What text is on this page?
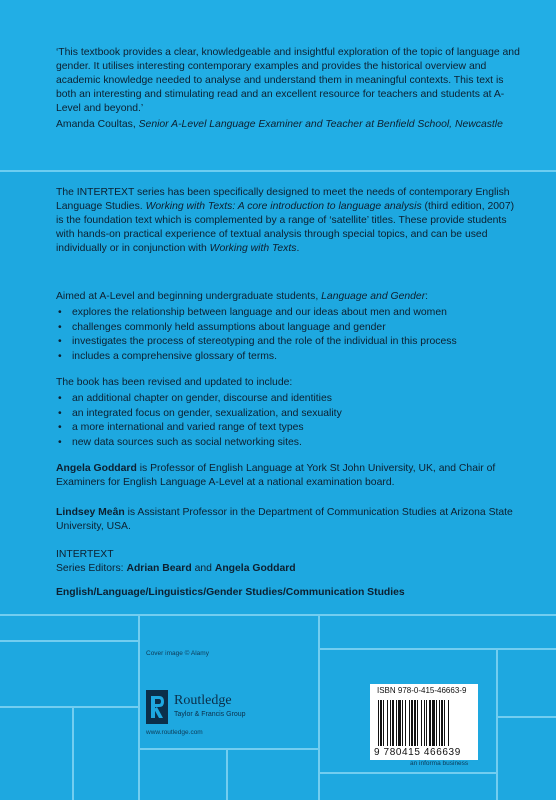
‘This textbook provides a clear, knowledgeable and insightful exploration of the topic of language and gender. It utilises interesting contemporary examples and provides the historical overview and academic knowledge needed to analyse and understand them in meaningful contexts. This text is both an interesting and stimulating read and an excellent resource for teachers and students at A-Level and beyond.’
Amanda Coultas, Senior A-Level Language Examiner and Teacher at Benfield School, Newcastle
The INTERTEXT series has been specifically designed to meet the needs of contemporary English Language Studies. Working with Texts: A core introduction to language analysis (third edition, 2007) is the foundation text which is complemented by a range of ‘satellite’ titles. These provide students with hands-on practical experience of textual analysis through special topics, and can be used individually or in conjunction with Working with Texts.
Aimed at A-Level and beginning undergraduate students, Language and Gender:
• explores the relationship between language and our ideas about men and women
• challenges commonly held assumptions about language and gender
• investigates the process of stereotyping and the role of the individual in this process
• includes a comprehensive glossary of terms.
The book has been revised and updated to include:
• an additional chapter on gender, discourse and identities
• an integrated focus on gender, sexualization, and sexuality
• a more international and varied range of text types
• new data sources such as social networking sites.
Angela Goddard is Professor of English Language at York St John University, UK, and Chair of Examiners for English Language A-Level at a national examination board.
Lindsey Meân is Assistant Professor in the Department of Communication Studies at Arizona State University, USA.
INTERTEXT
Series Editors: Adrian Beard and Angela Goddard
English/Language/Linguistics/Gender Studies/Communication Studies
Cover image © Alamy
Routledge
Taylor & Francis Group
www.routledge.com
ISBN 978-0-415-46663-9
9 780415 466639
an informa business
